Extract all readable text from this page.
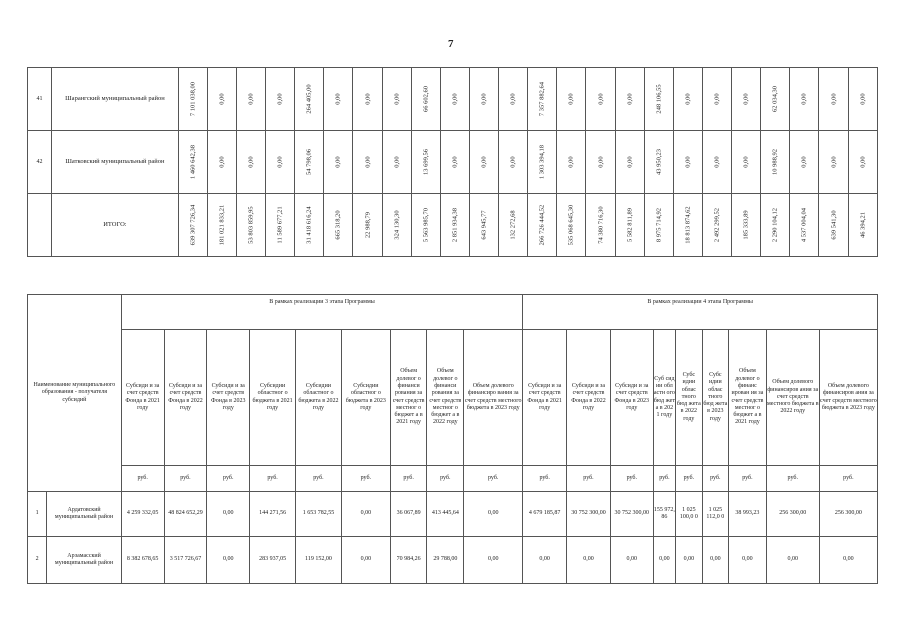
7
41	Шарангский муниципальный район	7 101 038,00	0,00	0,00	0,00	264 405,00	0,00	0,00	0,00	66 602,60	0,00	0,00	0,00	7 357 882,64	0,00	0,00	0,00	248 106,55	0,00	0,00	0,00	62 034,30	0,00	0,00	0,00

42	Шатковский муниципальный район	1 460 642,38	0,00	0,00	0,00	54 798,06	0,00	0,00	0,00	13 699,56	0,00	0,00	0,00	1 303 394,18	0,00	0,00	0,00	43 950,23	0,00	0,00	0,00	10 988,92	0,00	0,00	0,00

	ИТОГО:	639 307 726,34	181 021 833,21	53 803 859,95	11 589 677,21	31 418 616,24	665 318,20	22 988,79	324 130,30	5 563 985,70	2 851 934,38	643 945,77	132 272,68	266 726 444,52	535 068 645,30	74 380 716,30	5 582 811,89	8 975 714,92	18 813 874,62	2 492 299,52	185 333,89	2 290 104,12	4 537 004,04	639 541,30	46 394,21
Наименование муниципального образования - получателя субсидий		В рамках реализации 3 этапа Программы									В рамках реализации 4 этапа Программы								
		Субсиди и за счет средств Фонда в 2021 году	Субсиди и за счет средств Фонда в 2022 году	Субсиди и за счет средств Фонда в 2023 году	Субсидии областног о бюджета в 2021 году	Субсидии областног о бюджета в 2022 году	Субсидии областног о бюджета в 2023 году	Объем долевог о финанси рования за счет средств местног о бюджет а в 2021 году	Объем долевог о финанси рования за счет средств местног о бюджет а в 2022 году	Объем долевого финансиро вания за счет средств местного бюджета в 2023 году	Субсиди и за счет средств Фонда в 2021 году	Субсиди и за счет средств Фонда в 2022 году	Субсиди и за счет средств Фонда в 2023 году	Суб сид ии обл астн ого бюд жет а в 202 1 году	Субс идии облас тного бюд жета в 2022 году	Субс идии облас тного бюд жета в 2023 году	Объем долевог о финанс ирован ия за счет средств местног о бюджет а в 2021 году	Объем долевого финансиров ания за счет средств местного бюджета в 2022 году	Объем долевого финансиров ания за счет средств местного бюджета в 2023 году
		руб.	руб.	руб.	руб.	руб.	руб.	руб.	руб.	руб.	руб.	руб.	руб.	руб.	руб.	руб.	руб.	руб.	руб.
1	Ардатовский муниципальный район	4 259 332,05	48 824 652,29	0,00	144 271,56	1 653 782,55	0,00	36 067,89	413 445,64	0,00	4 679 185,87	30 752 300,00	30 752 300,00	155 972, 86	1 025 100,0 0	1 025 112,0 0	38 993,23	256 300,00	256 300,00
2	Арзамасский муниципальный район	8 382 678,65	3 517 726,67	0,00	283 937,05	119 152,00	0,00	70 984,26	29 788,00	0,00	0,00	0,00	0,00	0,00	0,00	0,00	0,00	0,00	0,00
